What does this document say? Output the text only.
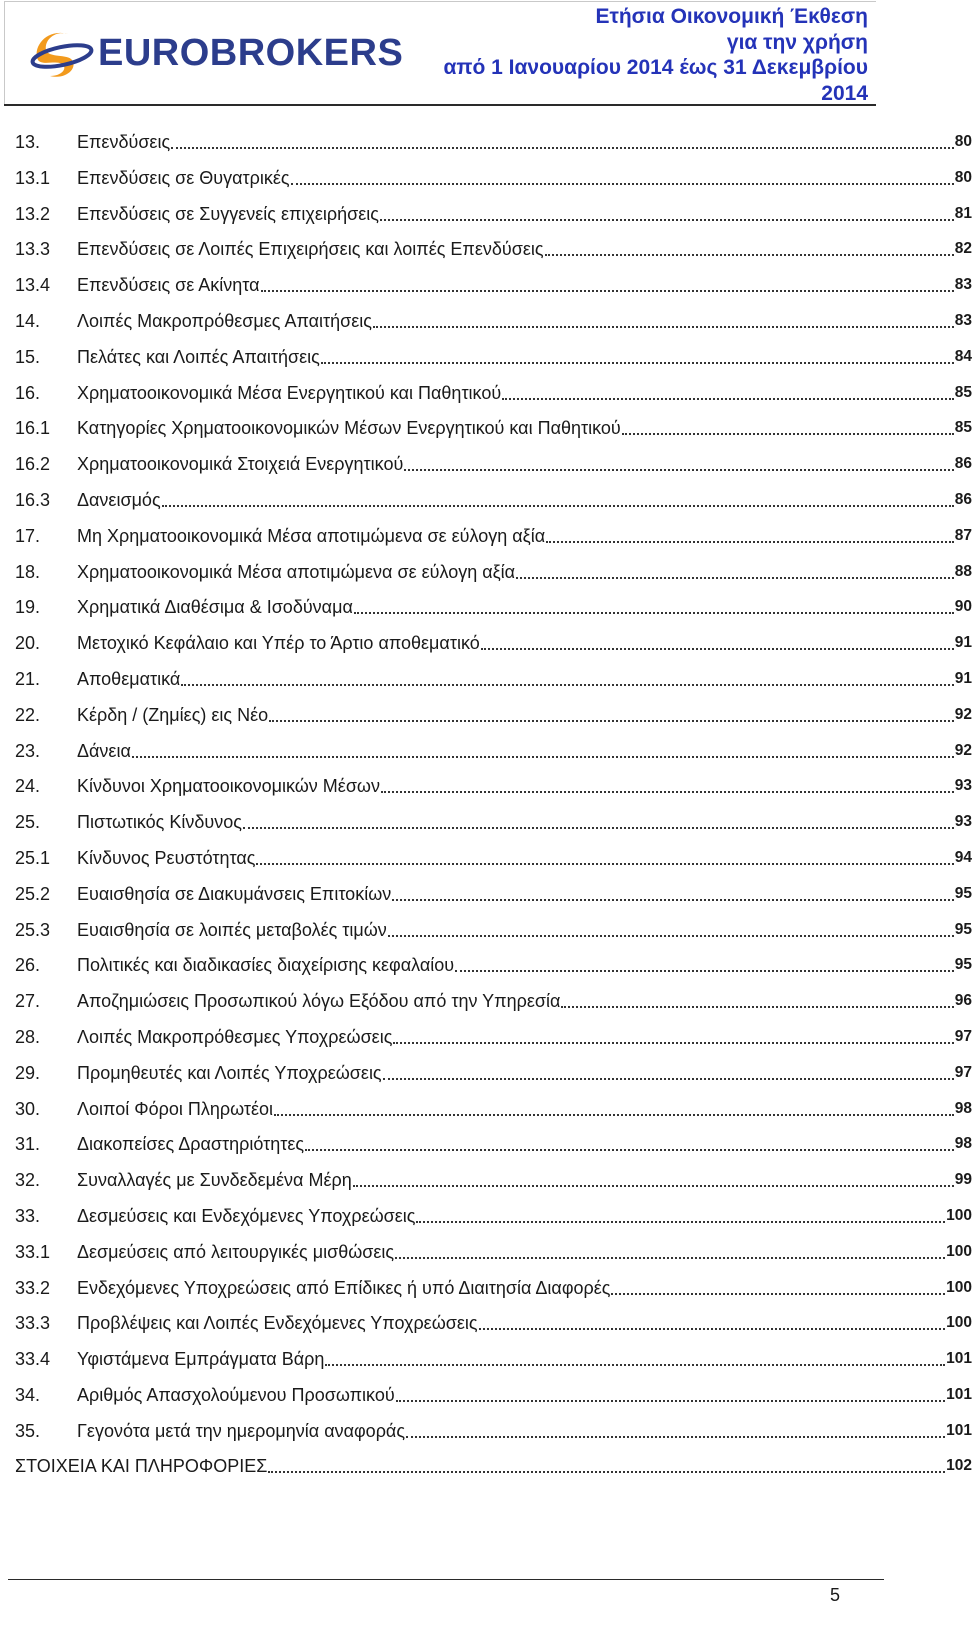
EUROBROKERS
Ετήσια Οικονομική Έκθεση
για την χρήση
από 1 Ιανουαρίου 2014 έως 31 Δεκεμβρίου
2014
13. Επενδύσεις	80
13.1 Επενδύσεις σε Θυγατρικές	80
13.2 Επενδύσεις σε Συγγενείς επιχειρήσεις	81
13.3 Επενδύσεις σε Λοιπές Επιχειρήσεις και λοιπές Επενδύσεις	82
13.4 Επενδύσεις σε Ακίνητα	83
14. Λοιπές Μακροπρόθεσμες Απαιτήσεις	83
15. Πελάτες και Λοιπές Απαιτήσεις	84
16. Χρηματοοικονομικά Μέσα Ενεργητικού και Παθητικού	85
16.1 Κατηγορίες Χρηματοοικονομικών Μέσων Ενεργητικού και Παθητικού	85
16.2 Χρηματοοικονομικά Στοιχειά Ενεργητικού	86
16.3 Δανεισμός	86
17. Μη Χρηματοοικονομικά Μέσα αποτιμώμενα σε εύλογη αξία	87
18. Χρηματοοικονομικά Μέσα αποτιμώμενα σε εύλογη αξία	88
19. Χρηματικά Διαθέσιμα & Ισοδύναμα	90
20. Μετοχικό Κεφάλαιο και Υπέρ το Άρτιο αποθεματικό	91
21. Αποθεματικά	91
22. Κέρδη / (Ζημίες) εις Νέο	92
23. Δάνεια	92
24. Κίνδυνοι Χρηματοοικονομικών Μέσων	93
25. Πιστωτικός Κίνδυνος	93
25.1 Κίνδυνος Ρευστότητας	94
25.2 Ευαισθησία σε Διακυμάνσεις Επιτοκίων	95
25.3 Ευαισθησία σε λοιπές μεταβολές τιμών	95
26. Πολιτικές και διαδικασίες διαχείρισης κεφαλαίου	95
27. Αποζημιώσεις Προσωπικού λόγω Εξόδου από την Υπηρεσία	96
28. Λοιπές Μακροπρόθεσμες Υποχρεώσεις	97
29. Προμηθευτές και Λοιπές Υποχρεώσεις	97
30. Λοιποί Φόροι Πληρωτέοι	98
31. Διακοπείσες Δραστηριότητες	98
32. Συναλλαγές με Συνδεδεμένα Μέρη	99
33. Δεσμεύσεις και Ενδεχόμενες Υποχρεώσεις	100
33.1 Δεσμεύσεις από λειτουργικές μισθώσεις	100
33.2 Ενδεχόμενες Υποχρεώσεις από Επίδικες ή υπό Διαιτησία Διαφορές	100
33.3 Προβλέψεις και Λοιπές Ενδεχόμενες Υποχρεώσεις	100
33.4 Υφιστάμενα Εμπράγματα Βάρη	101
34. Αριθμός Απασχολούμενου Προσωπικού	101
35. Γεγονότα μετά την ημερομηνία αναφοράς	101
ΣΤΟΙΧΕΙΑ ΚΑΙ ΠΛΗΡΟΦΟΡΙΕΣ	102
5
